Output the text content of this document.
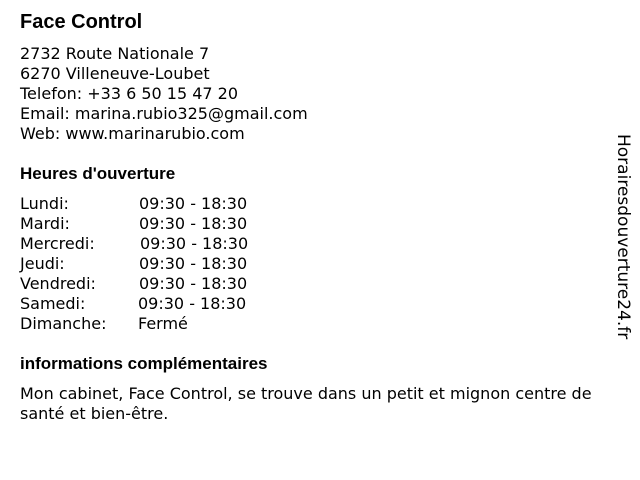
Face Control
2732 Route Nationale 7
6270 Villeneuve-Loubet
Telefon: +33 6 50 15 47 20
Email: marina.rubio325@gmail.com
Web: www.marinarubio.com
Heures d'ouverture
Lundi:	09:30 - 18:30
Mardi:	09:30 - 18:30
Mercredi:	09:30 - 18:30
Jeudi:	09:30 - 18:30
Vendredi:	09:30 - 18:30
Samedi:	09:30 - 18:30
Dimanche:	Fermé
informations complémentaires

Mon cabinet, Face Control, se trouve dans un petit et mignon centre de santé et bien-être.

Horairesdouverture24.fr
